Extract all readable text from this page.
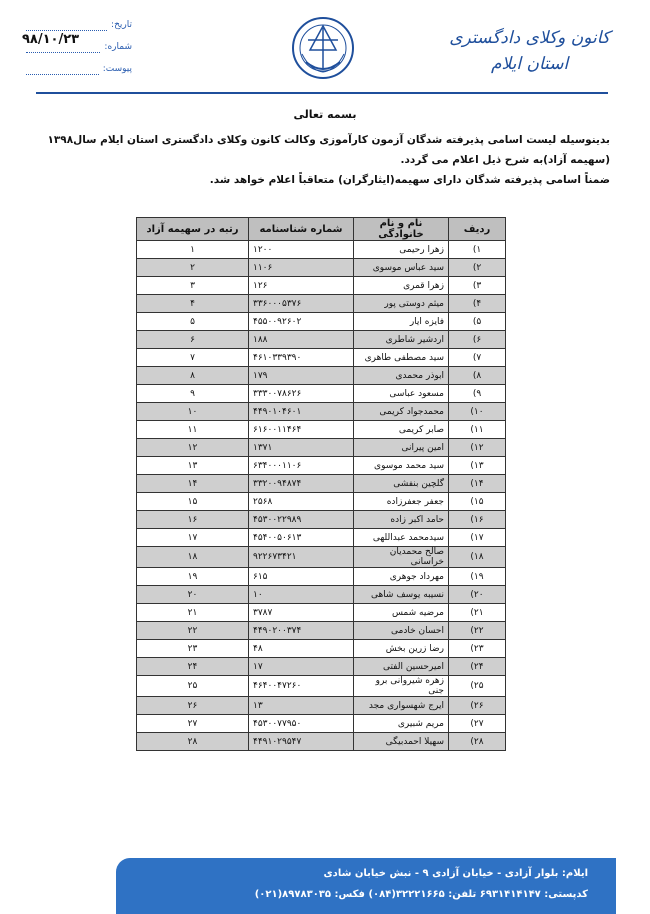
تاریخ:
شماره:
پیوست:
۹۸/۱۰/۲۳	کانون وکلای دادگستری
استان ایلام
بسمه تعالی
بدینوسیله لیست اسامی پذیرفته شدگان آزمون کارآموزی وکالت کانون وکلای دادگستری استان ایلام سال۱۳۹۸
(سهیمه آزاد)به شرح ذیل اعلام می گردد.
ضمناً اسامی پذیرفته شدگان دارای سهیمه(ایثارگران) متعاقباً اعلام خواهد شد.
ردیف	نام و نام خانوادگی	شماره شناسنامه	رتبه در سهیمه آزاد
۱)	زهرا رحیمی	۱۲۰۰	۱
۲)	سید عباس موسوی	۱۱۰۶	۲
۳)	زهرا قمری	۱۲۶	۳
۴)	میثم دوستی پور	۳۳۶۰۰۰۵۳۷۶	۴
۵)	فایزه ایار	۴۵۵۰۰۹۲۶۰۲	۵
۶)	اردشیر شاطری	۱۸۸	۶
۷)	سید مصطفی طاهری	۴۶۱۰۳۳۹۳۹۰	۷
۸)	ابوذر محمدی	۱۷۹	۸
۹)	مسعود عباسی	۳۳۳۰۰۷۸۶۲۶	۹
۱۰)	محمدجواد کریمی	۴۴۹۰۱۰۴۶۰۱	۱۰
۱۱)	صابر کریمی	۶۱۶۰۰۱۱۴۶۴	۱۱
۱۲)	امین پیرانی	۱۳۷۱	۱۲
۱۳)	سید محمد موسوی	۶۳۴۰۰۰۱۱۰۶	۱۳
۱۴)	گلچین بنفشی	۳۳۲۰۰۹۴۸۷۴	۱۴
۱۵)	جعفر جعفرزاده	۲۵۶۸	۱۵
۱۶)	حامد اکبر زاده	۴۵۳۰۰۲۲۹۸۹	۱۶
۱۷)	سیدمحمد عبداللهی	۴۵۴۰۰۵۰۶۱۳	۱۷
۱۸)	صالح محمدیان خراسانی	۹۲۲۶۷۳۴۲۱	۱۸
۱۹)	مهرداد جوهری	۶۱۵	۱۹
۲۰)	نسیبه یوسف شاهی	۱۰	۲۰
۲۱)	مرضیه شمس	۳۷۸۷	۲۱
۲۲)	احسان خادمی	۴۴۹۰۲۰۰۳۷۴	۲۲
۲۳)	رضا زرین بخش	۴۸	۲۳
۲۴)	امیرحسین الفتی	۱۷	۲۴
۲۵)	زهره شیروانی برو جنی	۴۶۴۰۰۴۷۲۶۰	۲۵
۲۶)	ایرج شهسواری مجد	۱۳	۲۶
۲۷)	مریم شبیری	۴۵۳۰۰۷۷۹۵۰	۲۷
۲۸)	سهیلا احمدبیگی	۴۴۹۱۰۲۹۵۴۷	۲۸
ایلام: بلوار آزادی - خیابان آزادی ۹ - نبش خیابان شادی
کدپستی: ۶۹۳۱۴۱۴۱۴۷ تلفن: ۳۲۲۲۱۶۶۵(۰۸۴) فکس: ۸۹۷۸۳۰۳۵(۰۲۱)
